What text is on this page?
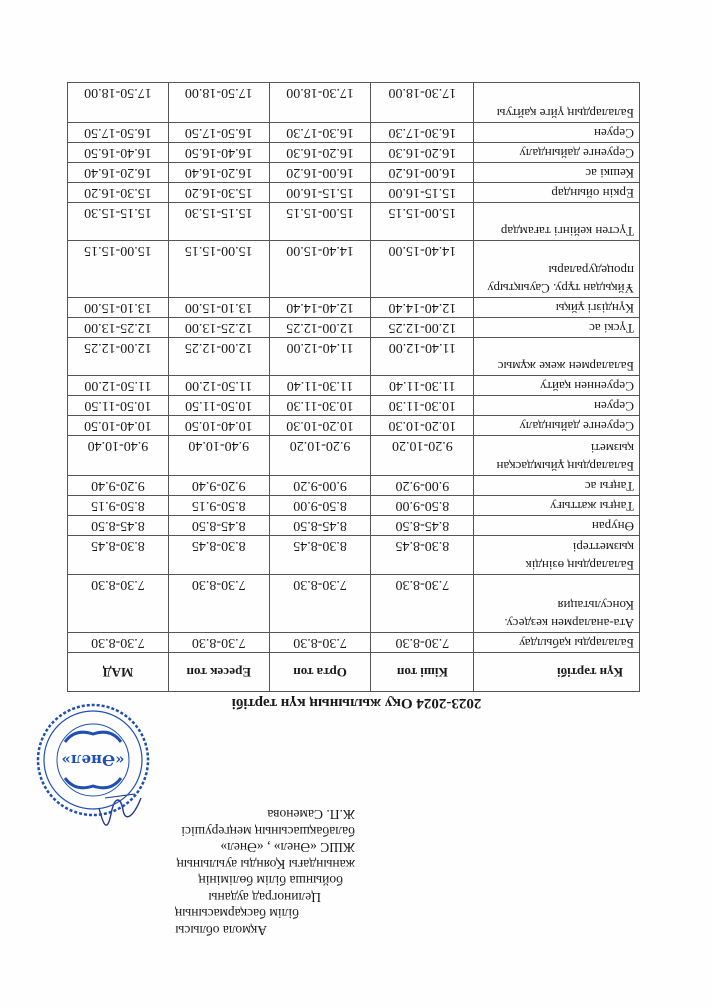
Ақмола облысы
білім басқармасының
Целиноград ауданы
бойынша білім бөлімінің
жанындағы Қоянды ауылының
ЖШС «Әнел» , «Әнел»
балабақшасының меңгерушісі
Ж.П. Саменова
«Әнел»
2023-2024 Оқу жылының күн тәртібі
Күн тәртібі	Кіші топ	Орта топ	Ересек топ	МАД
Балаларды қабылдау	7.30-8.30	7.30-8.30	7.30-8.30	7.30-8.30
Ата-аналармен кездесу. Консультация	7.30-8.30	7.30-8.30	7.30-8.30	7.30-8.30
Балалардың өзіндік қызметтері	8.30-8.45	8.30-8.45	8.30-8.45	8.30-8.45
Өнуран	8.45-8.50	8.45-8.50	8.45-8.50	8.45-8.50
Таңғы жаттығу	8.50-9.00	8.50-9.00	8.50-9.15	8.50-9.15
Таңғы ас	9.00-9.20	9.00-9.20	9.20-9.40	9.20-9.40
Балалардың ұйымдасқан қызметі	9.20-10.20	9.20-10.20	9.40-10.40	9.40-10.40
Серуенге дайындалу	10.20-10.30	10.20-10.30	10.40-10.50	10.40-10.50
Серуен	10.30-11.30	10.30-11.30	10.50-11.50	10.50-11.50
Серуеннен қайту	11.30-11.40	11.30-11.40	11.50-12.00	11.50-12.00
Балалармен жеке жұмыс	11.40-12.00	11.40-12.00	12.00-12.25	12.00-12.25
Түскі ас	12.00-12.25	12.00-12.25	12.25-13.00	12.25-13.00
Күндізгі ұйқы	12.40-14.40	12.40-14.40	13.10-15.00	13.10-15.00
Ұйқыдан тұру. Сауықтыру процедуралары	14.40-15.00	14.40-15.00	15.00-15.15	15.00-15.15
Түстен кейінгі тағамдар	15.00-15.15	15.00-15.15	15.15-15.30	15.15-15.30
Еркін ойындар	15.15-16.00	15.15-16.00	15.30-16.20	15.30-16.20
Кешкі ас	16.00-16.20	16.00-16.20	16.20-16.40	16.20-16.40
Серуенге дайындалу	16.20-16.30	16.20-16.30	16.40-16.50	16.40-16.50
Серуен	16.30-17.30	16.30-17.30	16.50-17.50	16.50-17.50
Балалардың үйге қайтуы	17.30-18.00	17.30-18.00	17.50-18.00	17.50-18.00
